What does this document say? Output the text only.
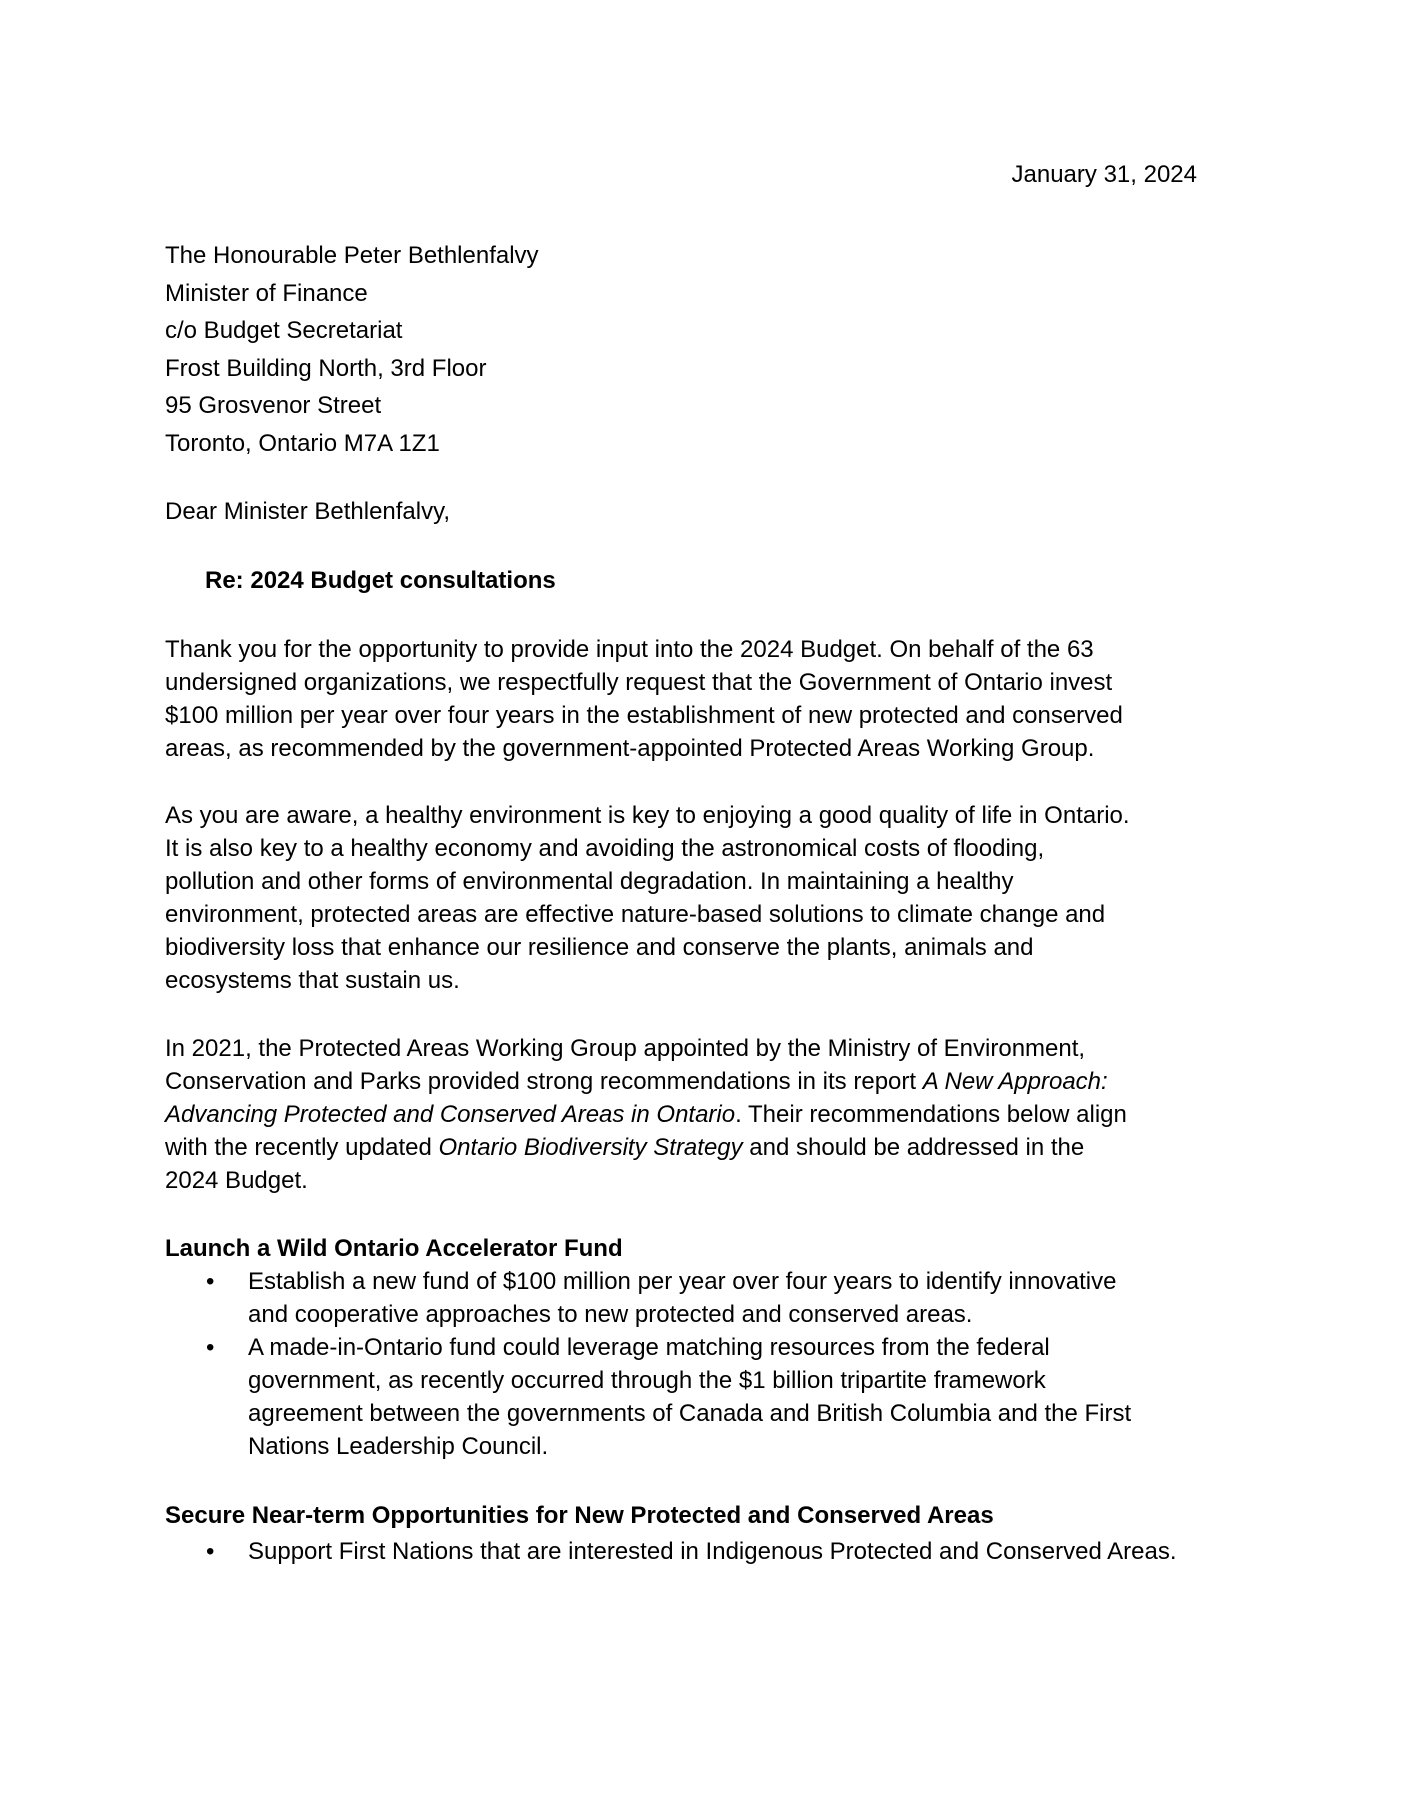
January 31, 2024
The Honourable Peter Bethlenfalvy
Minister of Finance
c/o Budget Secretariat
Frost Building North, 3rd Floor
95 Grosvenor Street
Toronto, Ontario M7A 1Z1
Dear Minister Bethlenfalvy,
Re: 2024 Budget consultations
Thank you for the opportunity to provide input into the 2024 Budget. On behalf of the 63
undersigned organizations, we respectfully request that the Government of Ontario invest
$100 million per year over four years in the establishment of new protected and conserved
areas, as recommended by the government-appointed Protected Areas Working Group.
As you are aware, a healthy environment is key to enjoying a good quality of life in Ontario.
It is also key to a healthy economy and avoiding the astronomical costs of flooding,
pollution and other forms of environmental degradation. In maintaining a healthy
environment, protected areas are effective nature-based solutions to climate change and
biodiversity loss that enhance our resilience and conserve the plants, animals and
ecosystems that sustain us.
In 2021, the Protected Areas Working Group appointed by the Ministry of Environment,
Conservation and Parks provided strong recommendations in its report A New Approach:
Advancing Protected and Conserved Areas in Ontario. Their recommendations below align
with the recently updated Ontario Biodiversity Strategy and should be addressed in the
2024 Budget.
Launch a Wild Ontario Accelerator Fund
•
Establish a new fund of $100 million per year over four years to identify innovative and cooperative approaches to new protected and conserved areas.
•
A made-in-Ontario fund could leverage matching resources from the federal government, as recently occurred through the $1 billion tripartite framework agreement between the governments of Canada and British Columbia and the First Nations Leadership Council.
Secure Near-term Opportunities for New Protected and Conserved Areas
•
Support First Nations that are interested in Indigenous Protected and Conserved Areas.
